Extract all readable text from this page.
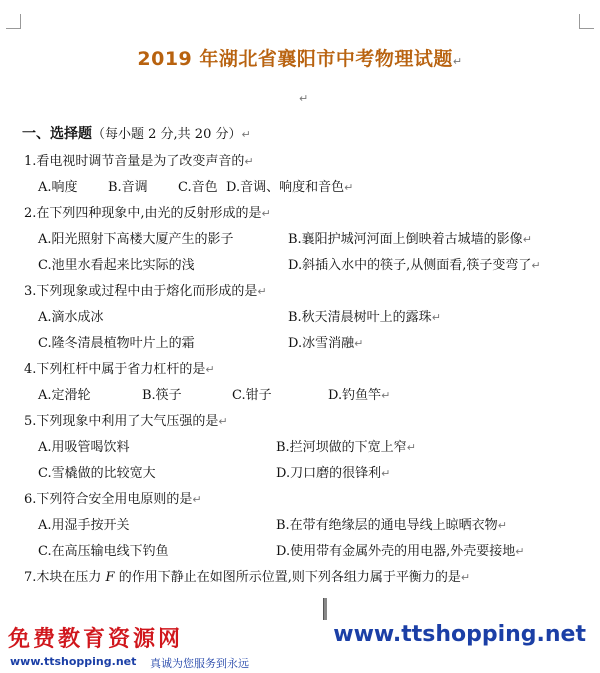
2019 年湖北省襄阳市中考物理试题↵
↵
一、选择题（每小题 2 分,共 20 分）↵
1.看电视时调节音量是为了改变声音的↵
A.响度 B.音调 C.音色 D.音调、响度和音色↵
2.在下列四种现象中,由光的反射形成的是↵
A.阳光照射下高楼大厦产生的影子	B.襄阳护城河河面上倒映着古城墙的影像↵
C.池里水看起来比实际的浅	D.斜插入水中的筷子,从侧面看,筷子变弯了↵
3.下列现象或过程中由于熔化而形成的是↵
A.滴水成冰	B.秋天清晨树叶上的露珠↵
C.隆冬清晨植物叶片上的霜	D.冰雪消融↵
4.下列杠杆中属于省力杠杆的是↵
A.定滑轮	B.筷子	C.钳子	D.钓鱼竿↵
5.下列现象中利用了大气压强的是↵
A.用吸管喝饮料	B.拦河坝做的下宽上窄↵
C.雪橇做的比较宽大	D.刀口磨的很锋利↵
6.下列符合安全用电原则的是↵
A.用湿手按开关	B.在带有绝缘层的通电导线上晾晒衣物↵
C.在高压输电线下钓鱼	D.使用带有金属外壳的用电器,外壳要接地↵
7.木块在压力 F 的作用下静止在如图所示位置,则下列各组力属于平衡力的是↵
免费教育资源网	www.ttshopping.net
www.ttshopping.net 真诚为您服务到永远
